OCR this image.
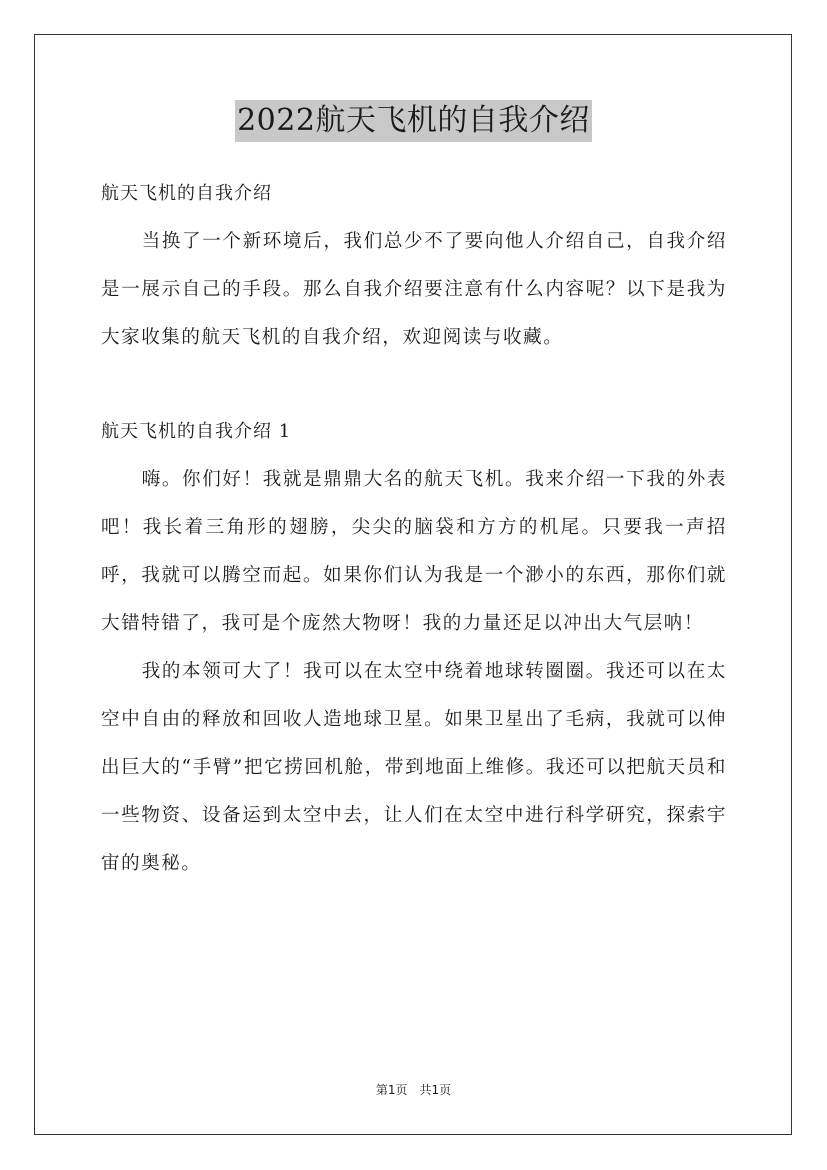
2022航天飞机的自我介绍

航天飞机的自我介绍

当换了一个新环境后，我们总少不了要向他人介绍自己，自我介绍是一展示自己的手段。那么自我介绍要注意有什么内容呢？以下是我为大家收集的航天飞机的自我介绍，欢迎阅读与收藏。

航天飞机的自我介绍 1

嗨。你们好！我就是鼎鼎大名的航天飞机。我来介绍一下我的外表吧！我长着三角形的翅膀，尖尖的脑袋和方方的机尾。只要我一声招呼，我就可以腾空而起。如果你们认为我是一个渺小的东西，那你们就大错特错了，我可是个庞然大物呀！我的力量还足以冲出大气层呐！

我的本领可大了！我可以在太空中绕着地球转圈圈。我还可以在太空中自由的释放和回收人造地球卫星。如果卫星出了毛病，我就可以伸出巨大的“手臂”把它捞回机舱，带到地面上维修。我还可以把航天员和一些物资、设备运到太空中去，让人们在太空中进行科学研究，探索宇宙的奥秘。

第1页　共1页
